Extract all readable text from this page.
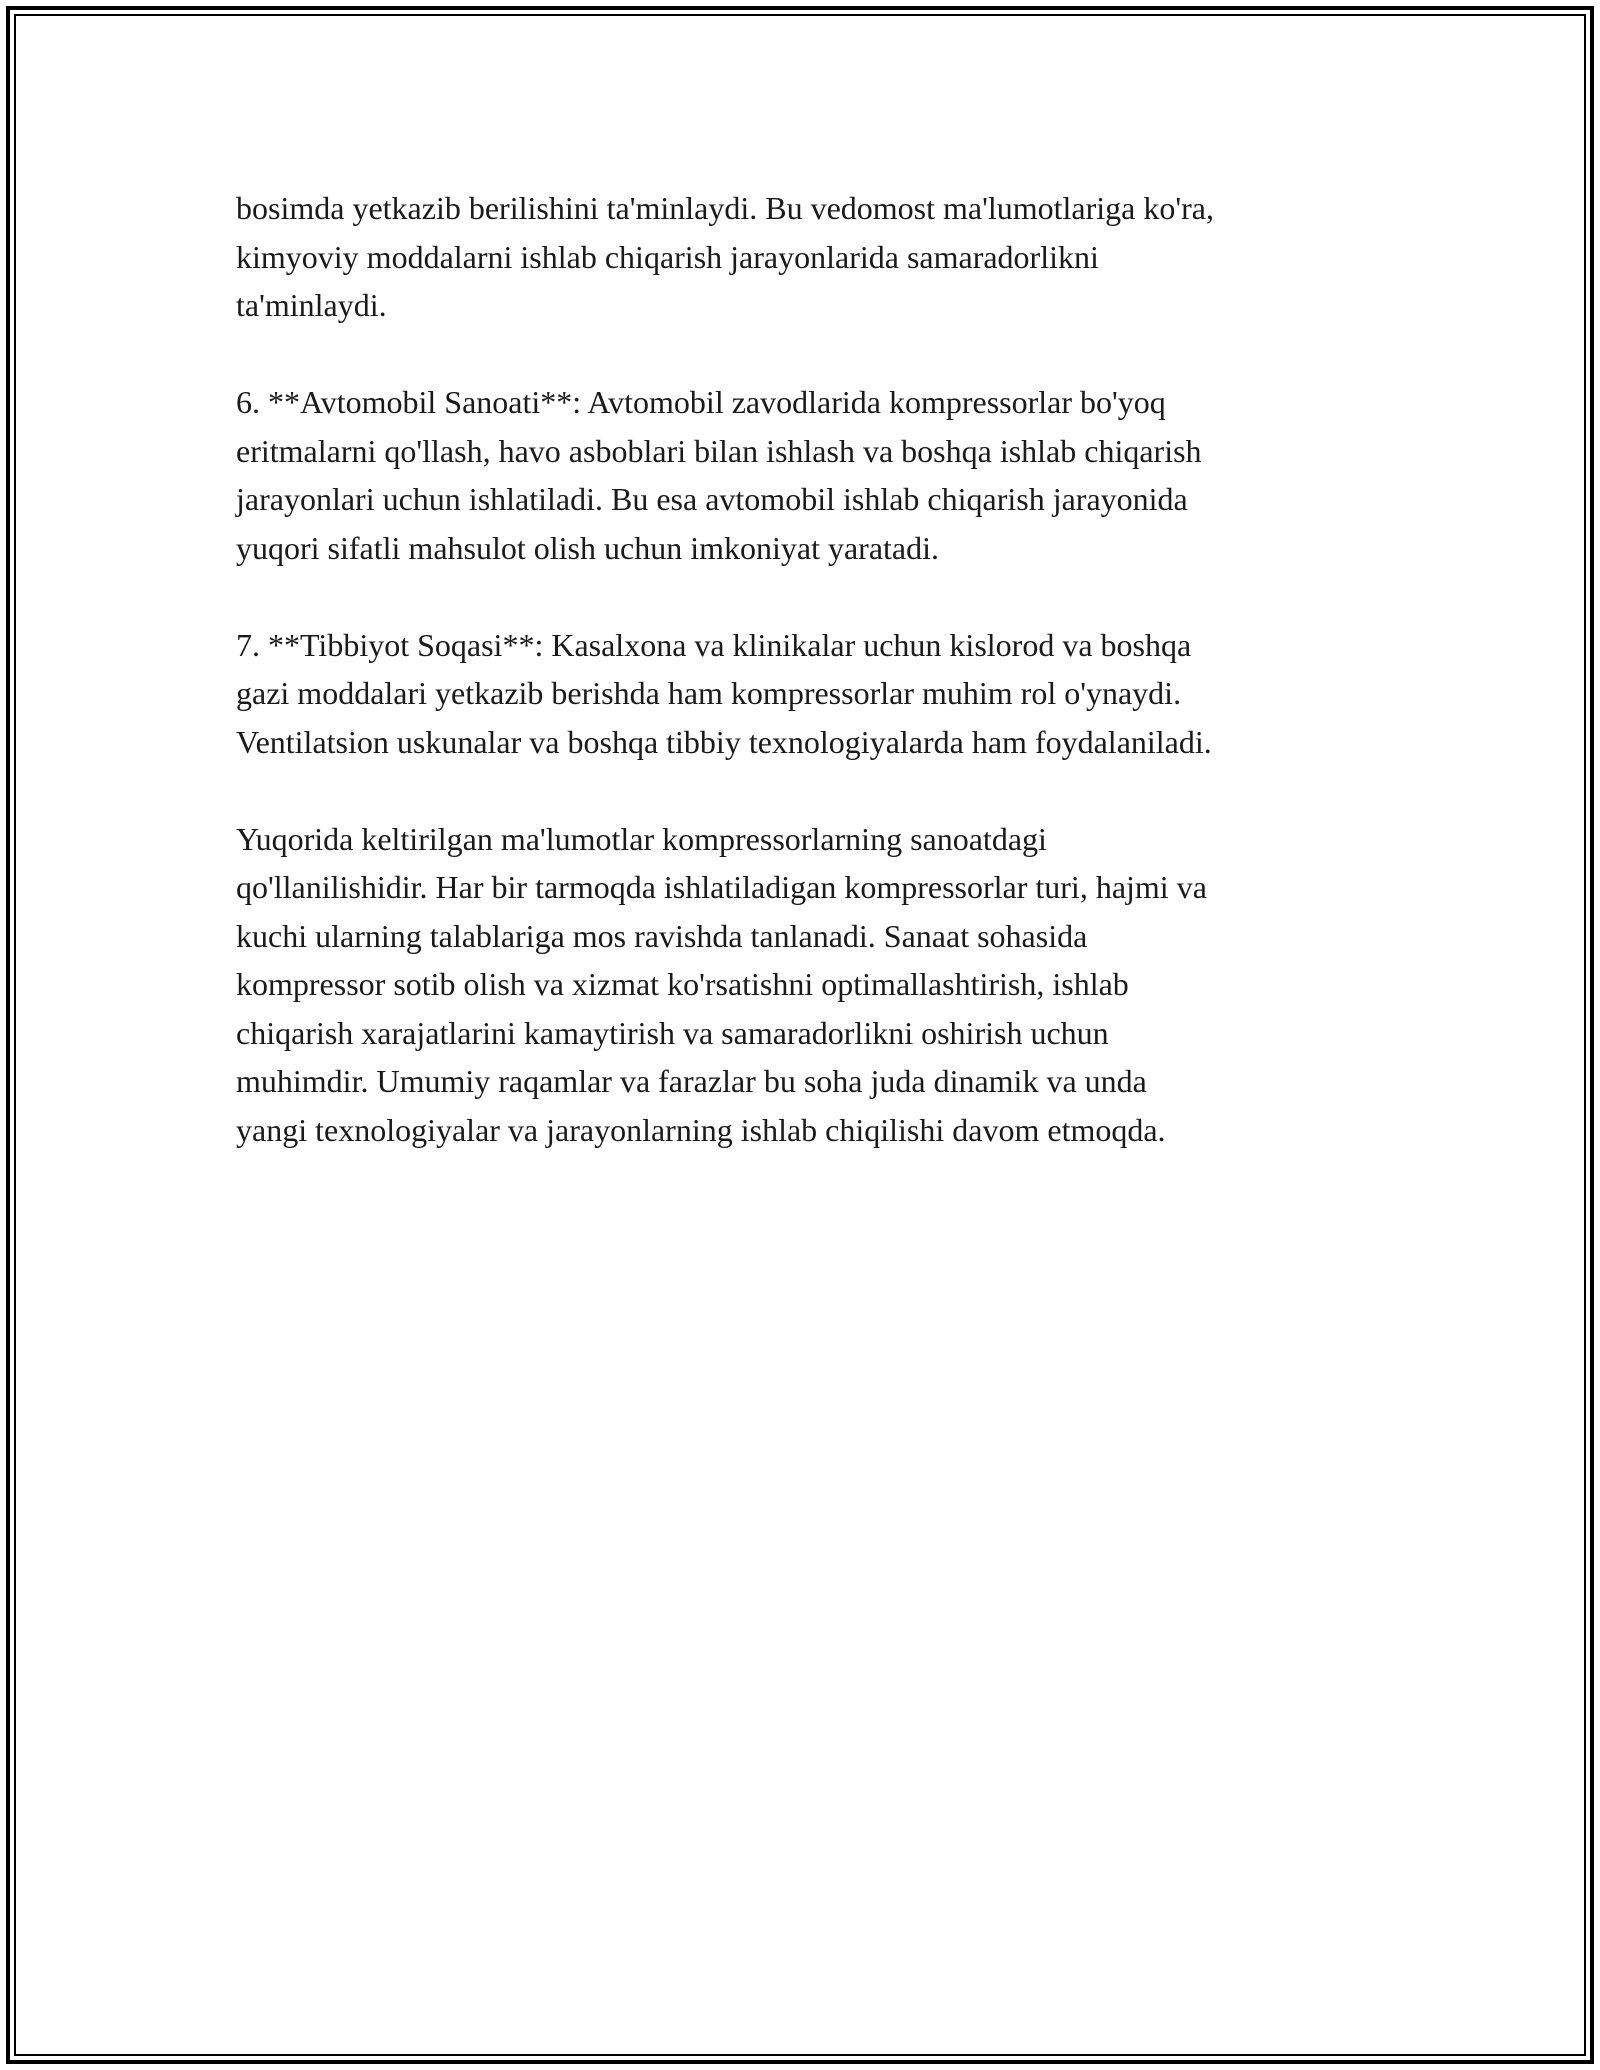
bosimda yetkazib berilishini ta'minlaydi. Bu vedomost ma'lumotlariga ko'ra,
kimyoviy moddalarni ishlab chiqarish jarayonlarida samaradorlikni
ta'minlaydi.

6. **Avtomobil Sanoati**: Avtomobil zavodlarida kompressorlar bo'yoq
eritmalarni qo'llash, havo asboblari bilan ishlash va boshqa ishlab chiqarish
jarayonlari uchun ishlatiladi. Bu esa avtomobil ishlab chiqarish jarayonida
yuqori sifatli mahsulot olish uchun imkoniyat yaratadi.

7. **Tibbiyot Soqasi**: Kasalxona va klinikalar uchun kislorod va boshqa
gazi moddalari yetkazib berishda ham kompressorlar muhim rol o'ynaydi.
Ventilatsion uskunalar va boshqa tibbiy texnologiyalarda ham foydalaniladi.

Yuqorida keltirilgan ma'lumotlar kompressorlarning sanoatdagi
qo'llanilishidir. Har bir tarmoqda ishlatiladigan kompressorlar turi, hajmi va
kuchi ularning talablariga mos ravishda tanlanadi. Sanaat sohasida
kompressor sotib olish va xizmat ko'rsatishni optimallashtirish, ishlab
chiqarish xarajatlarini kamaytirish va samaradorlikni oshirish uchun
muhimdir. Umumiy raqamlar va farazlar bu soha juda dinamik va unda
yangi texnologiyalar va jarayonlarning ishlab chiqilishi davom etmoqda.
